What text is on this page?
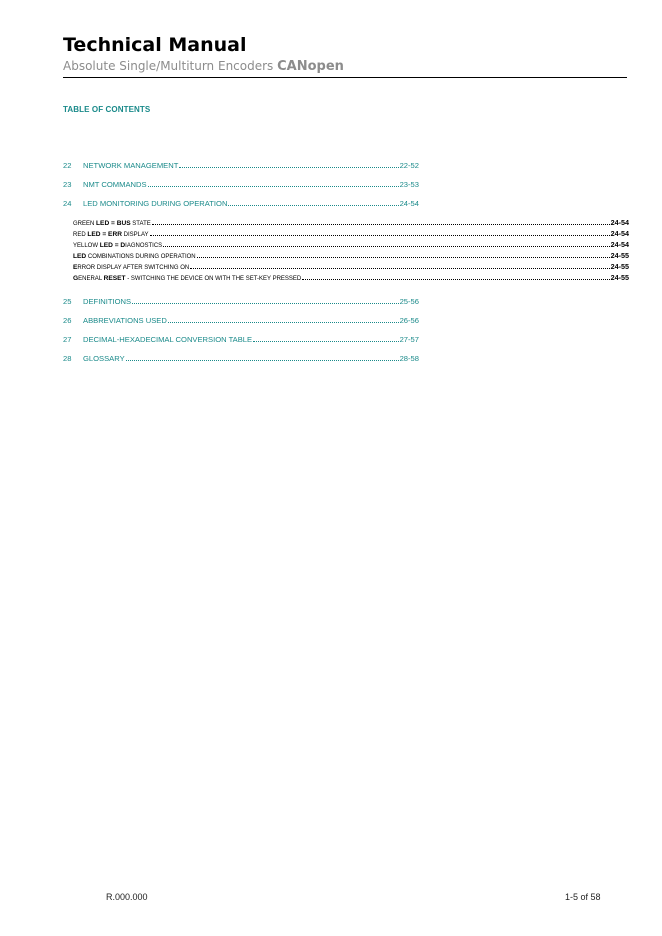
Technical Manual
Absolute Single/Multiturn Encoders CANopen
TABLE OF CONTENTS
22	NETWORK MANAGEMENT	22-52
23	NMT COMMANDS	23-53
24	LED MONITORING DURING OPERATION	24-54
GREEN LED = BUS STATE	24-54
RED LED = ERR DISPLAY	24-54
YELLOW LED = DIAGNOSTICS	24-54
LED COMBINATIONS DURING OPERATION	24-55
ERROR DISPLAY AFTER SWITCHING ON	24-55
GENERAL RESET - SWITCHING THE DEVICE ON WITH THE SET-KEY PRESSED	24-55
25	DEFINITIONS	25-56
26	ABBREVIATIONS USED	26-56
27	DECIMAL-HEXADECIMAL CONVERSION TABLE	27-57
28	GLOSSARY	28-58
R.000.000	1-5 of 58
